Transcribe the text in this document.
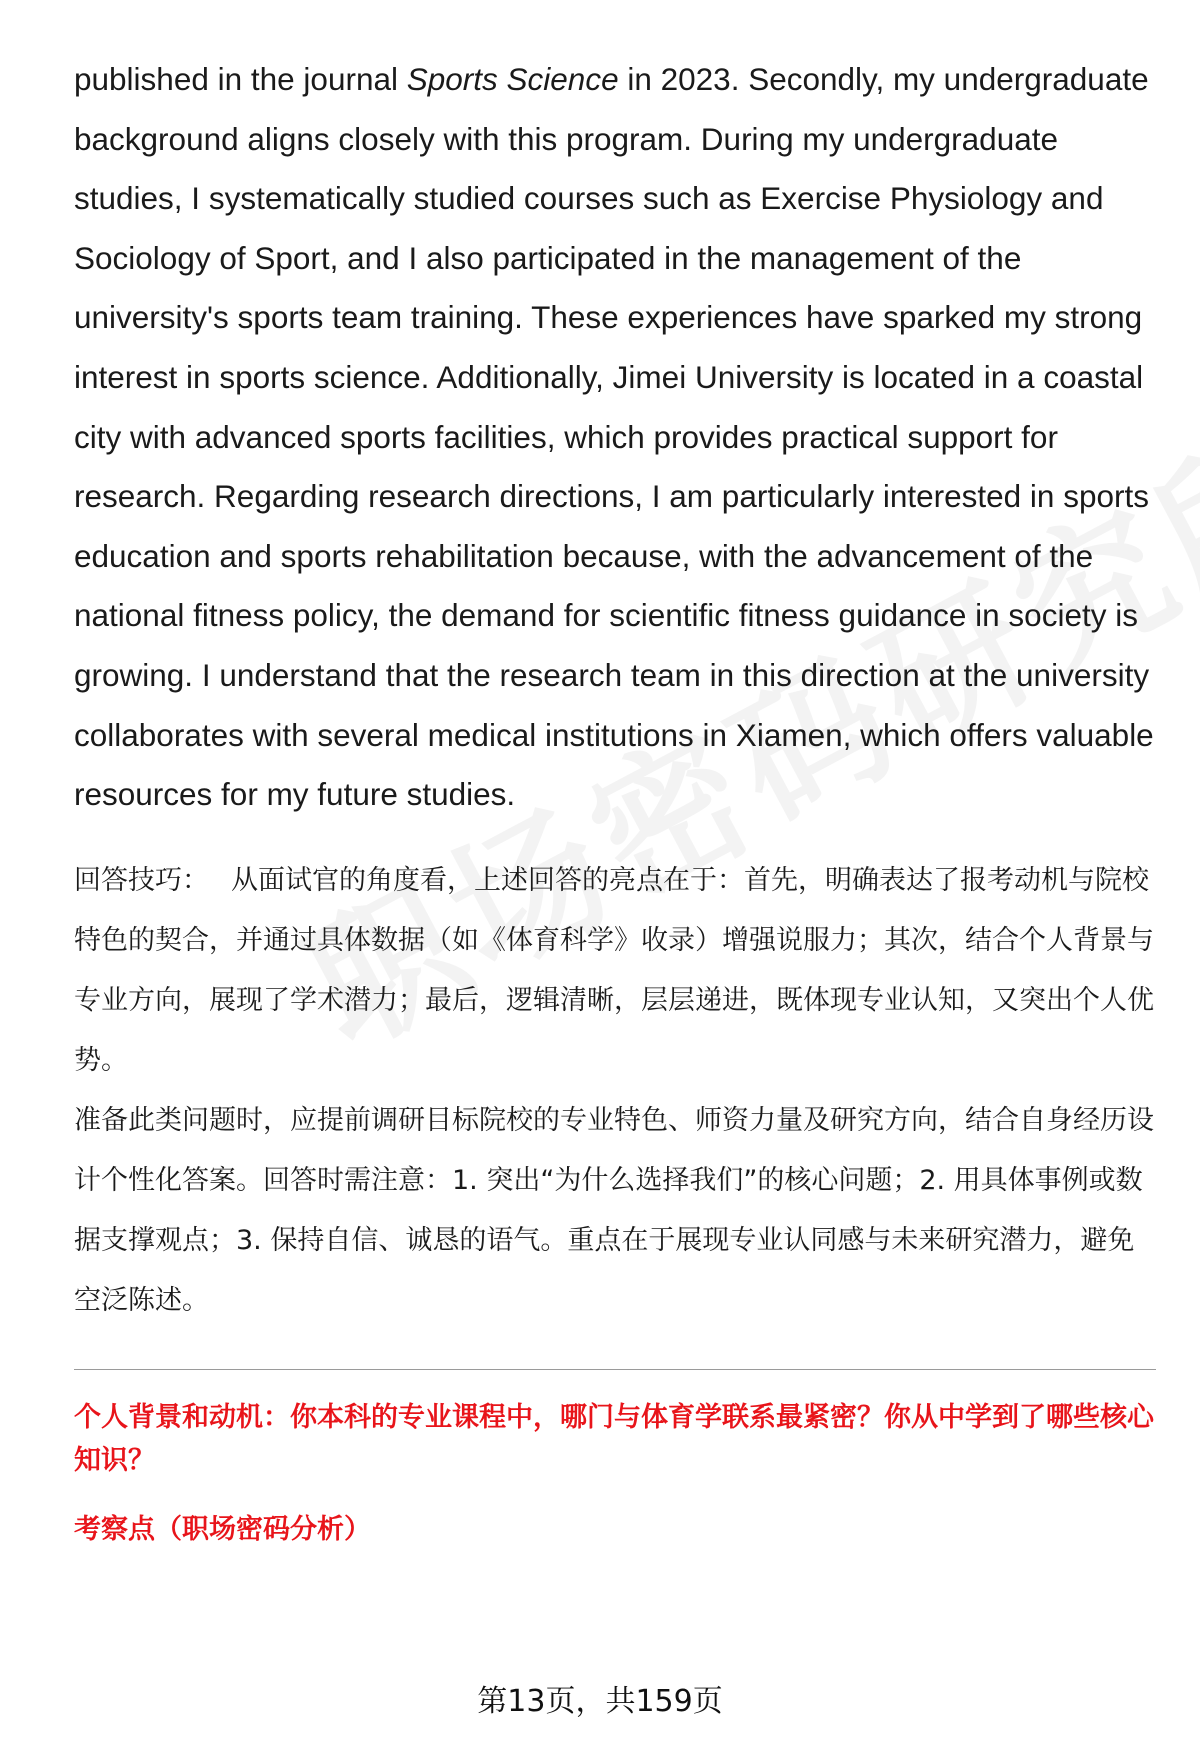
published in the journal Sports Science in 2023. Secondly, my undergraduate background aligns closely with this program. During my undergraduate studies, I systematically studied courses such as Exercise Physiology and Sociology of Sport, and I also participated in the management of the university's sports team training. These experiences have sparked my strong interest in sports science. Additionally, Jimei University is located in a coastal city with advanced sports facilities, which provides practical support for research. Regarding research directions, I am particularly interested in sports education and sports rehabilitation because, with the advancement of the national fitness policy, the demand for scientific fitness guidance in society is growing. I understand that the research team in this direction at the university collaborates with several medical institutions in Xiamen, which offers valuable resources for my future studies.

回答技巧： 从面试官的角度看，上述回答的亮点在于：首先，明确表达了报考动机与院校特色的契合，并通过具体数据（如《体育科学》收录）增强说服力；其次，结合个人背景与专业方向，展现了学术潜力；最后，逻辑清晰，层层递进，既体现专业认知，又突出个人优势。

准备此类问题时，应提前调研目标院校的专业特色、师资力量及研究方向，结合自身经历设计个性化答案。回答时需注意：1. 突出“为什么选择我们”的核心问题；2. 用具体事例或数据支撑观点；3. 保持自信、诚恳的语气。重点在于展现专业认同感与未来研究潜力，避免空泛陈述。

个人背景和动机：你本科的专业课程中，哪门与体育学联系最紧密？你从中学到了哪些核心知识？

考察点（职场密码分析）

第13页，共159页
